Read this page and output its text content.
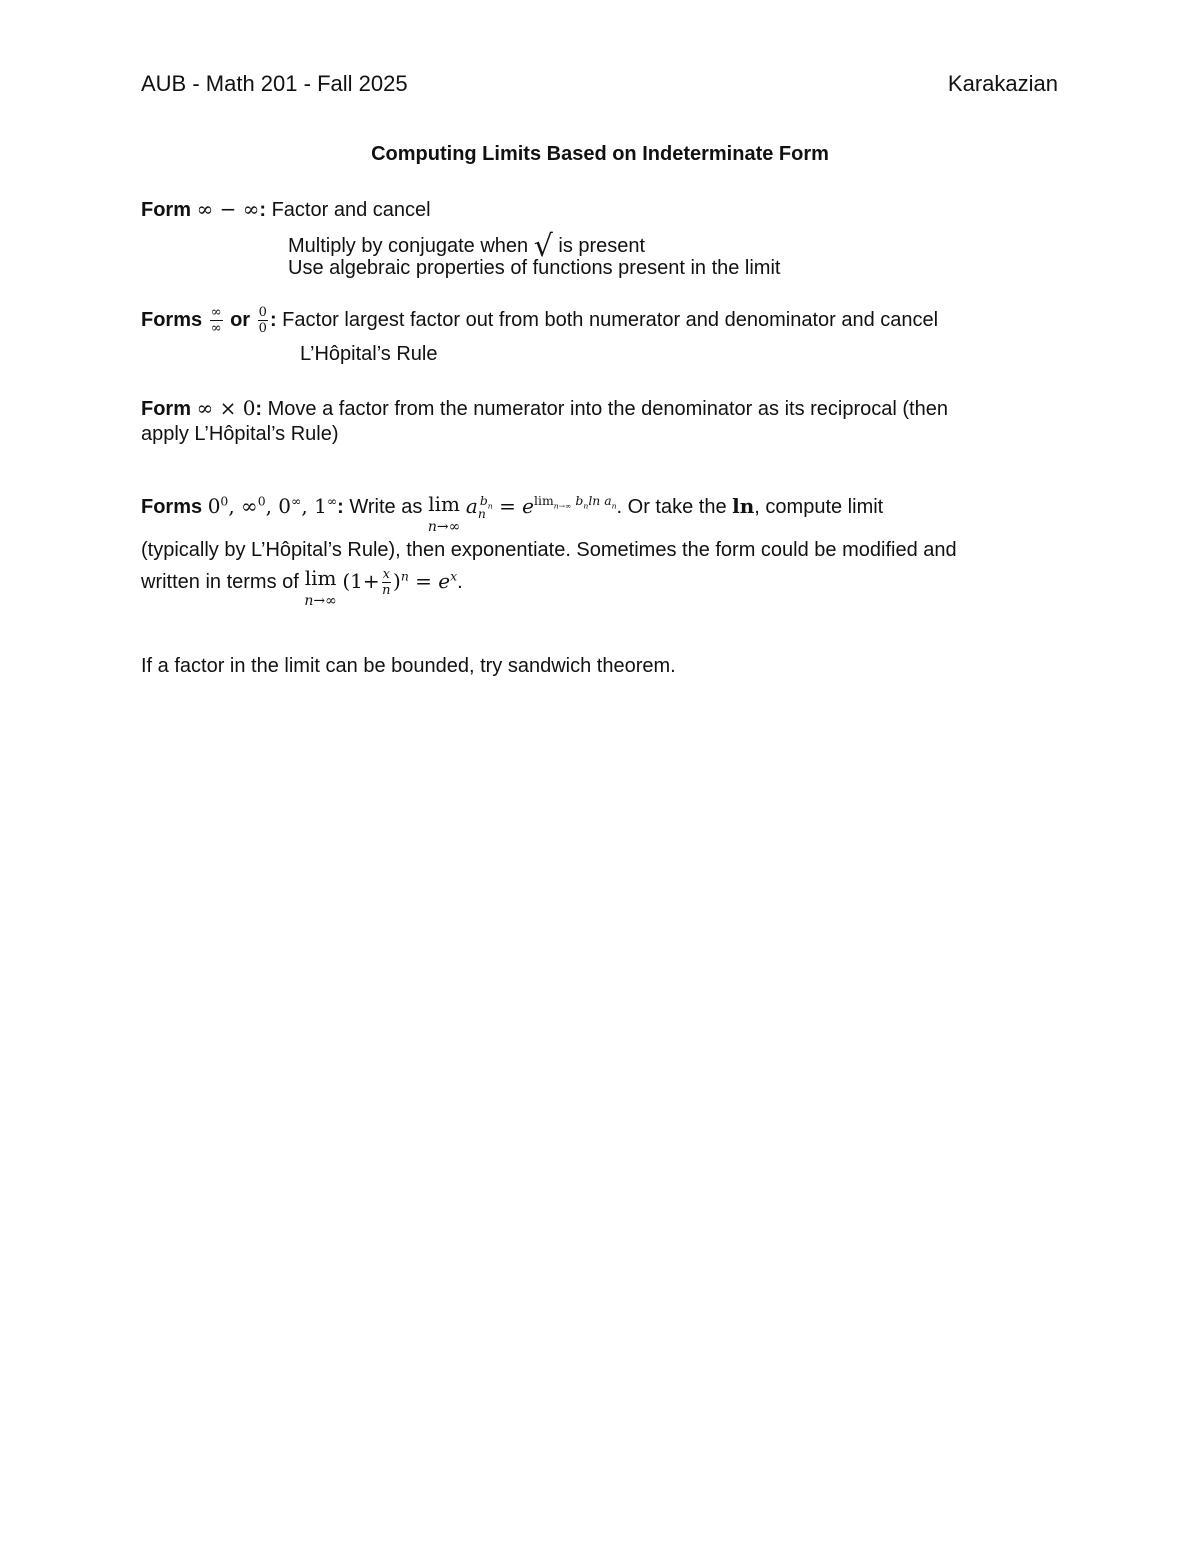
AUB - Math 201 - Fall 2025	Karakazian
Computing Limits Based on Indeterminate Form
Form ∞ − ∞: Factor and cancel
Multiply by conjugate when √ is present
Use algebraic properties of functions present in the limit
Forms $\frac{\infty}{\infty}$ or $\frac{0}{0}$ : Factor largest factor out from both numerator and denominator and cancel
L’Hôpital’s Rule
Form ∞ × 0: Move a factor from the numerator into the denominator as its reciprocal (then
apply L’Hôpital’s Rule)
Forms $0^0$, ∞$^0$, 0∞, 1∞: Write as lim
n→∞
$a_n^{b_n} = e^{lim_{n\to\infty} b_nln a_n}$. Or take the ln, compute limit
(typically by L’Hôpital’s Rule), then exponentiate. Sometimes the form could be modified and
written in terms of lim
n→∞
$(1+ \frac{x}{n} )^n = e^x$.
If a factor in the limit can be bounded, try sandwich theorem.
